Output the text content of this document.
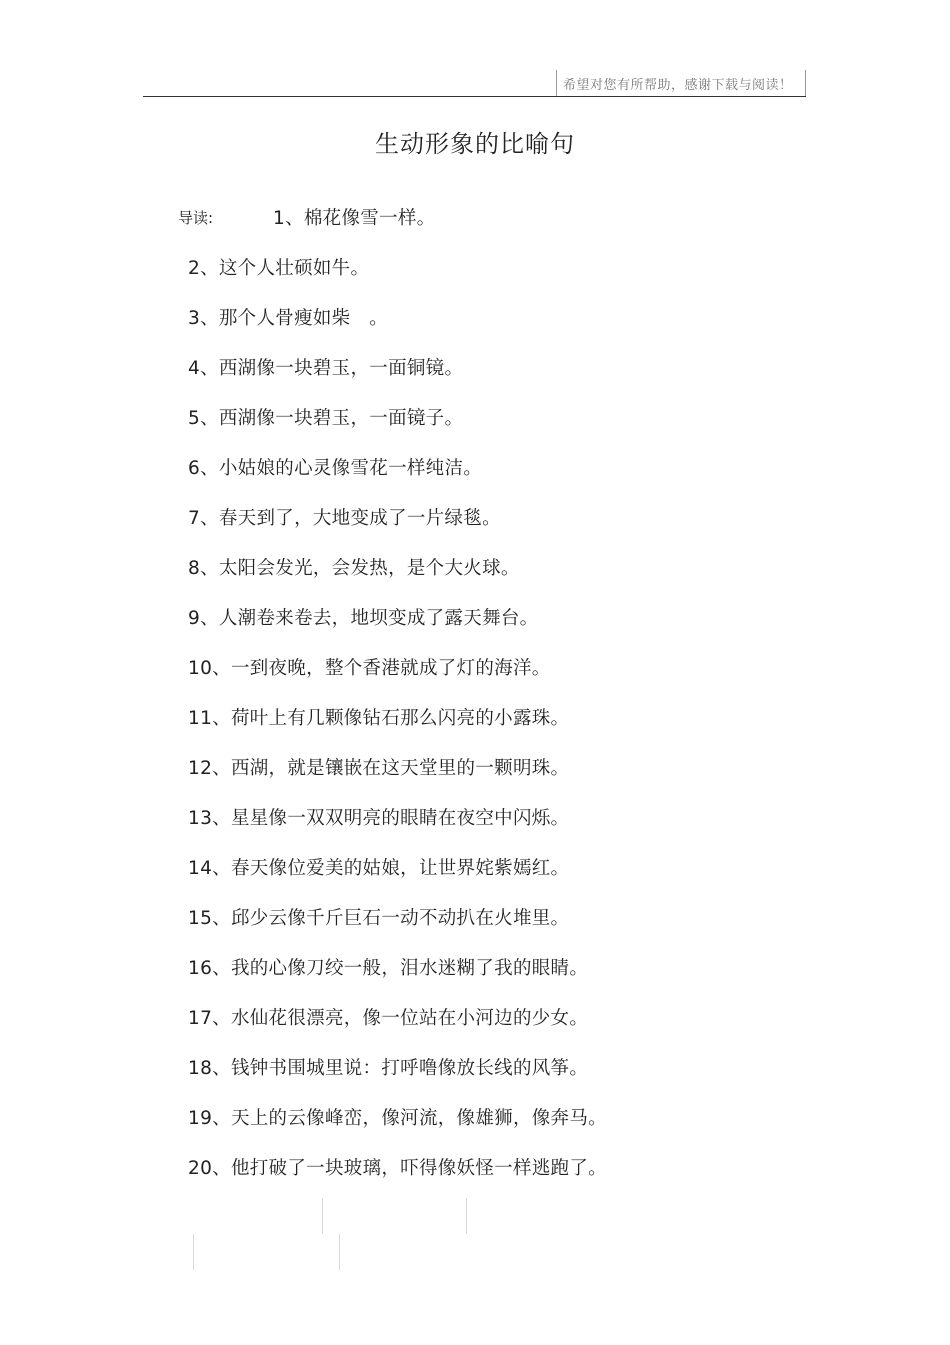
希望对您有所帮助，感谢下载与阅读！
生动形象的比喻句
导读:	1、棉花像雪一样。
2、这个人壮硕如牛。
3、那个人骨瘦如柴　。
4、西湖像一块碧玉，一面铜镜。
5、西湖像一块碧玉，一面镜子。
6、小姑娘的心灵像雪花一样纯洁。
7、春天到了，大地变成了一片绿毯。
8、太阳会发光，会发热，是个大火球。
9、人潮卷来卷去，地坝变成了露天舞台。
10、一到夜晚，整个香港就成了灯的海洋。
11、荷叶上有几颗像钻石那么闪亮的小露珠。
12、西湖，就是镶嵌在这天堂里的一颗明珠。
13、星星像一双双明亮的眼睛在夜空中闪烁。
14、春天像位爱美的姑娘，让世界姹紫嫣红。
15、邱少云像千斤巨石一动不动扒在火堆里。
16、我的心像刀绞一般，泪水迷糊了我的眼睛。
17、水仙花很漂亮，像一位站在小河边的少女。
18、钱钟书围城里说：打呼噜像放长线的风筝。
19、天上的云像峰峦，像河流，像雄狮，像奔马。
20、他打破了一块玻璃，吓得像妖怪一样逃跑了。
